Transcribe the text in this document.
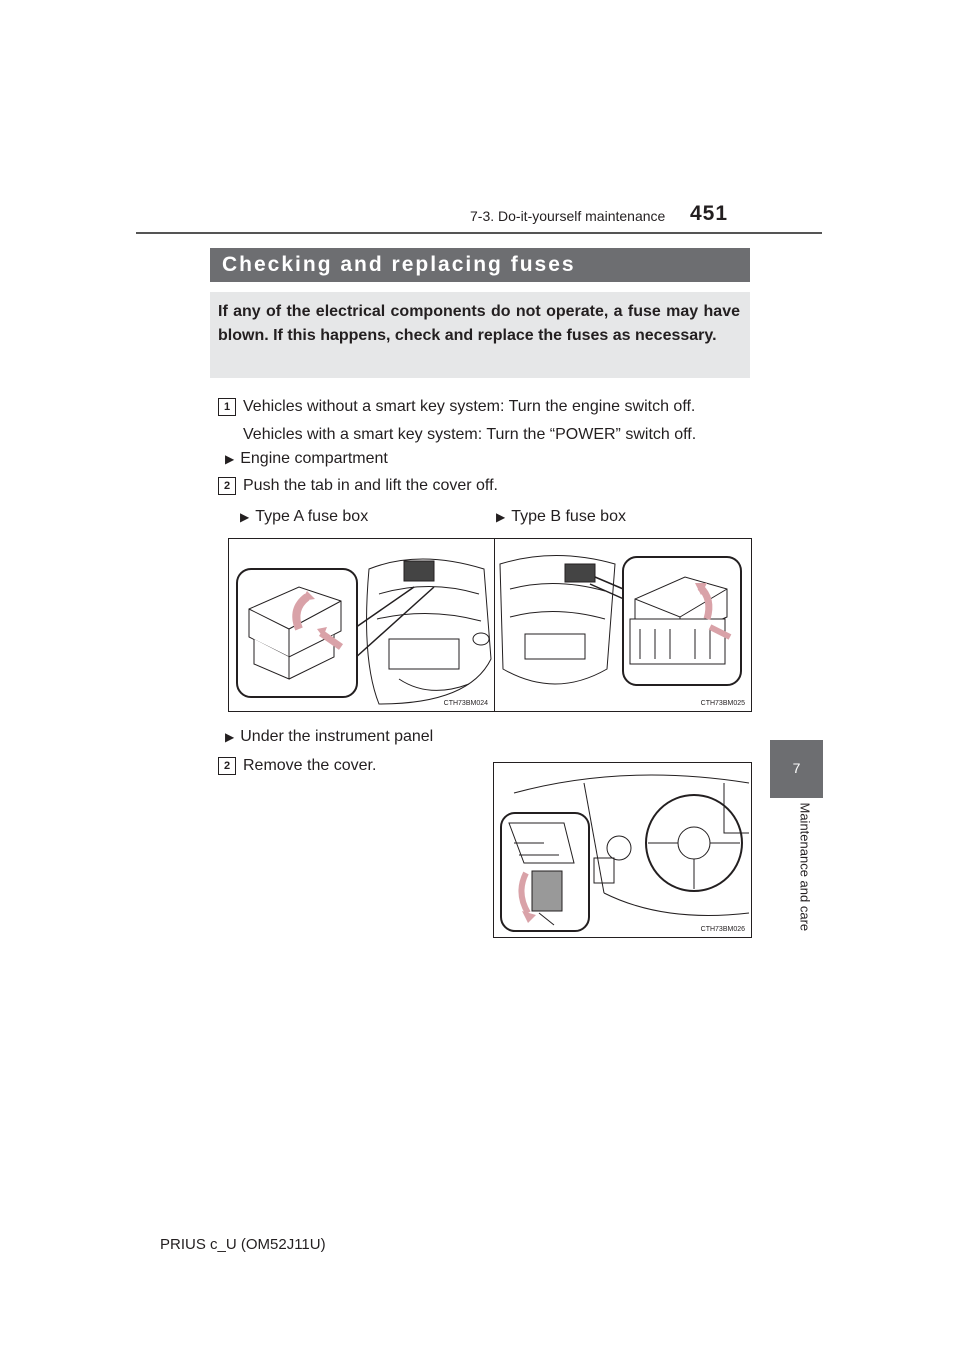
7-3. Do-it-yourself maintenance 451
Checking and replacing fuses
If any of the electrical components do not operate, a fuse may have blown. If this happens, check and replace the fuses as necessary.
1 Vehicles without a smart key system: Turn the engine switch off.
Vehicles with a smart key system: Turn the “POWER” switch off.
▶ Engine compartment
2 Push the tab in and lift the cover off.
▶ Type A fuse box	▶ Type B fuse box
CTH73BM024	CTH73BM025
▶ Under the instrument panel
2 Remove the cover.
CTH73BM026
7
Maintenance and care
PRIUS c_U (OM52J11U)
